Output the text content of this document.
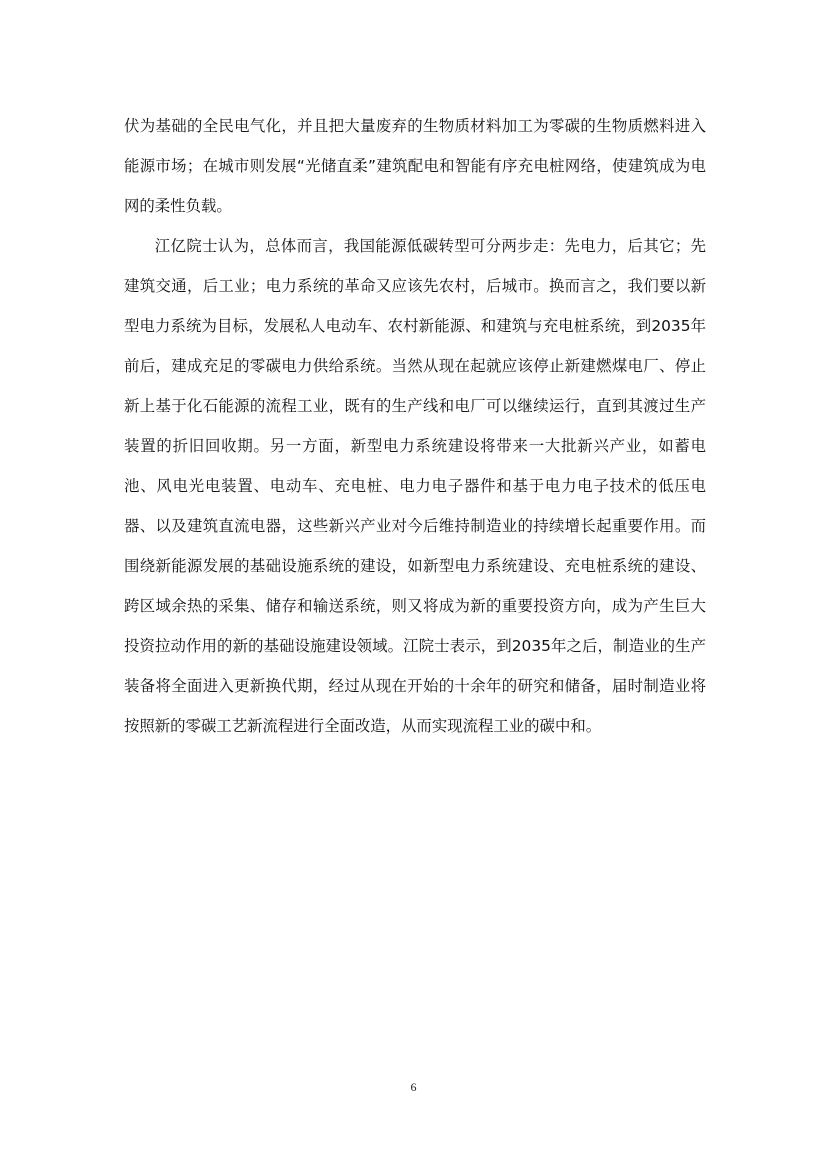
伏为基础的全民电气化，并且把大量废弃的生物质材料加工为零碳的生物质燃料进入能源市场；在城市则发展“光储直柔”建筑配电和智能有序充电桩网络，使建筑成为电网的柔性负载。

江亿院士认为，总体而言，我国能源低碳转型可分两步走：先电力，后其它；先建筑交通，后工业；电力系统的革命又应该先农村，后城市。换而言之，我们要以新型电力系统为目标，发展私人电动车、农村新能源、和建筑与充电桩系统，到2035年前后，建成充足的零碳电力供给系统。当然从现在起就应该停止新建燃煤电厂、停止新上基于化石能源的流程工业，既有的生产线和电厂可以继续运行，直到其渡过生产装置的折旧回收期。另一方面，新型电力系统建设将带来一大批新兴产业，如蓄电池、风电光电装置、电动车、充电桩、电力电子器件和基于电力电子技术的低压电器、以及建筑直流电器，这些新兴产业对今后维持制造业的持续增长起重要作用。而围绕新能源发展的基础设施系统的建设，如新型电力系统建设、充电桩系统的建设、跨区域余热的采集、储存和输送系统，则又将成为新的重要投资方向，成为产生巨大投资拉动作用的新的基础设施建设领域。江院士表示，到2035年之后，制造业的生产装备将全面进入更新换代期，经过从现在开始的十余年的研究和储备，届时制造业将按照新的零碳工艺新流程进行全面改造，从而实现流程工业的碳中和。

6
